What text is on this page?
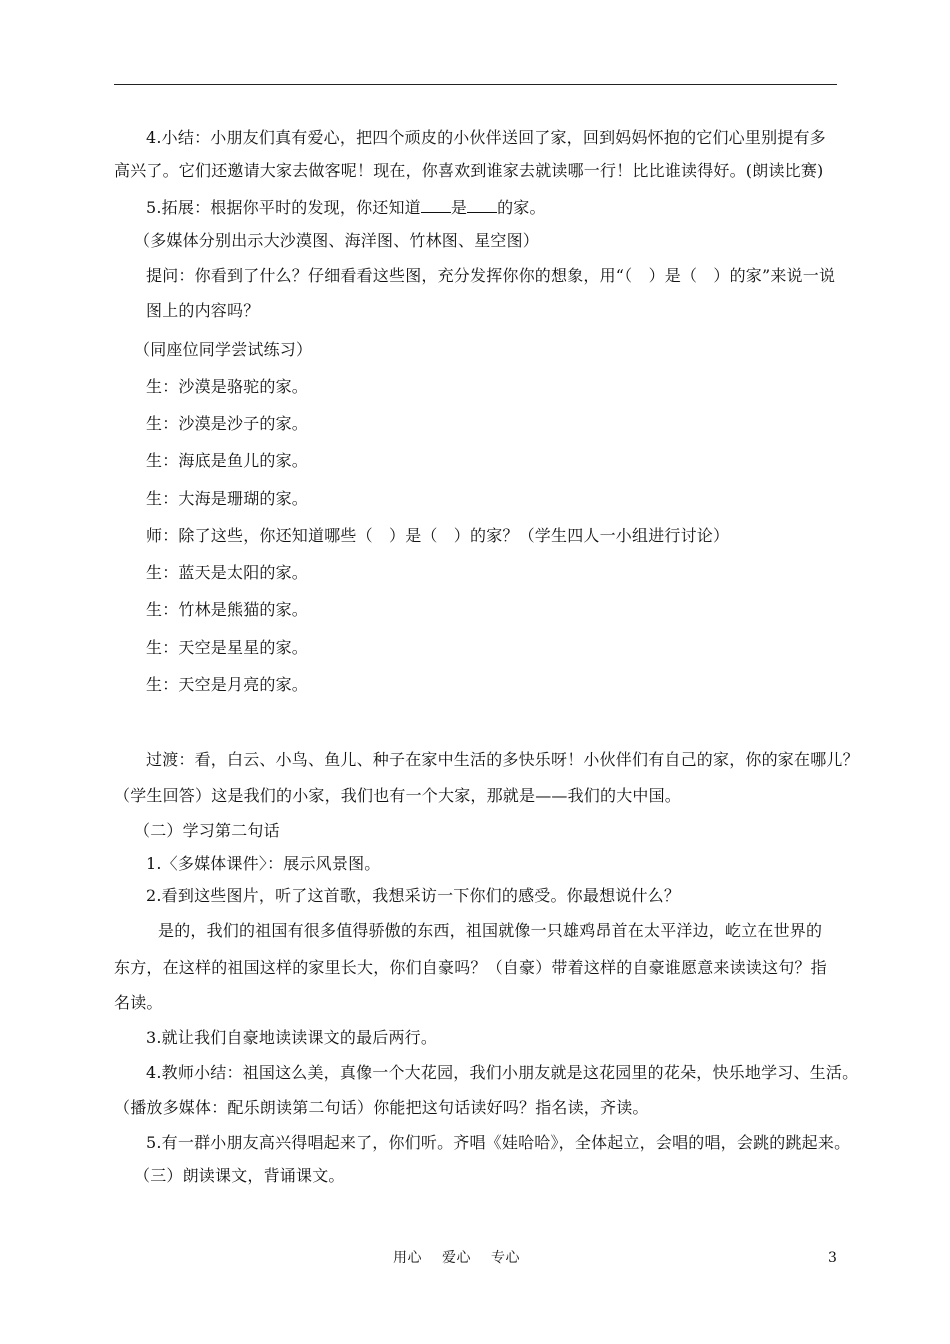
4.小结：小朋友们真有爱心，把四个顽皮的小伙伴送回了家，回到妈妈怀抱的它们心里别提有多
高兴了。它们还邀请大家去做客呢！现在，你喜欢到谁家去就读哪一行！比比谁读得好。(朗读比赛)
5.拓展：根据你平时的发现，你还知道 是 的家。
（多媒体分别出示大沙漠图、海洋图、竹林图、星空图）
提问：你看到了什么？仔细看看这些图，充分发挥你你的想象，用“（　）是（　）的家”来说一说
图上的内容吗？
（同座位同学尝试练习）
生：沙漠是骆驼的家。
生：沙漠是沙子的家。
生：海底是鱼儿的家。
生：大海是珊瑚的家。
师：除了这些，你还知道哪些（　）是（　）的家？（学生四人一小组进行讨论）
生：蓝天是太阳的家。
生：竹林是熊猫的家。
生：天空是星星的家。
生：天空是月亮的家。
过渡：看，白云、小鸟、鱼儿、种子在家中生活的多快乐呀！小伙伴们有自己的家，你的家在哪儿？
（学生回答）这是我们的小家，我们也有一个大家，那就是——我们的大中国。
（二）学习第二句话
1.〈多媒体课件〉：展示风景图。
2.看到这些图片，听了这首歌，我想采访一下你们的感受。你最想说什么？
是的，我们的祖国有很多值得骄傲的东西，祖国就像一只雄鸡昂首在太平洋边，屹立在世界的
东方，在这样的祖国这样的家里长大，你们自豪吗？（自豪）带着这样的自豪谁愿意来读读这句？指
名读。
3.就让我们自豪地读读课文的最后两行。
4.教师小结：祖国这么美，真像一个大花园，我们小朋友就是这花园里的花朵，快乐地学习、生活。
（播放多媒体：配乐朗读第二句话）你能把这句话读好吗？指名读，齐读。
5.有一群小朋友高兴得唱起来了，你们听。齐唱《娃哈哈》，全体起立，会唱的唱，会跳的跳起来。
（三）朗读课文，背诵课文。
用心 爱心 专心	3
